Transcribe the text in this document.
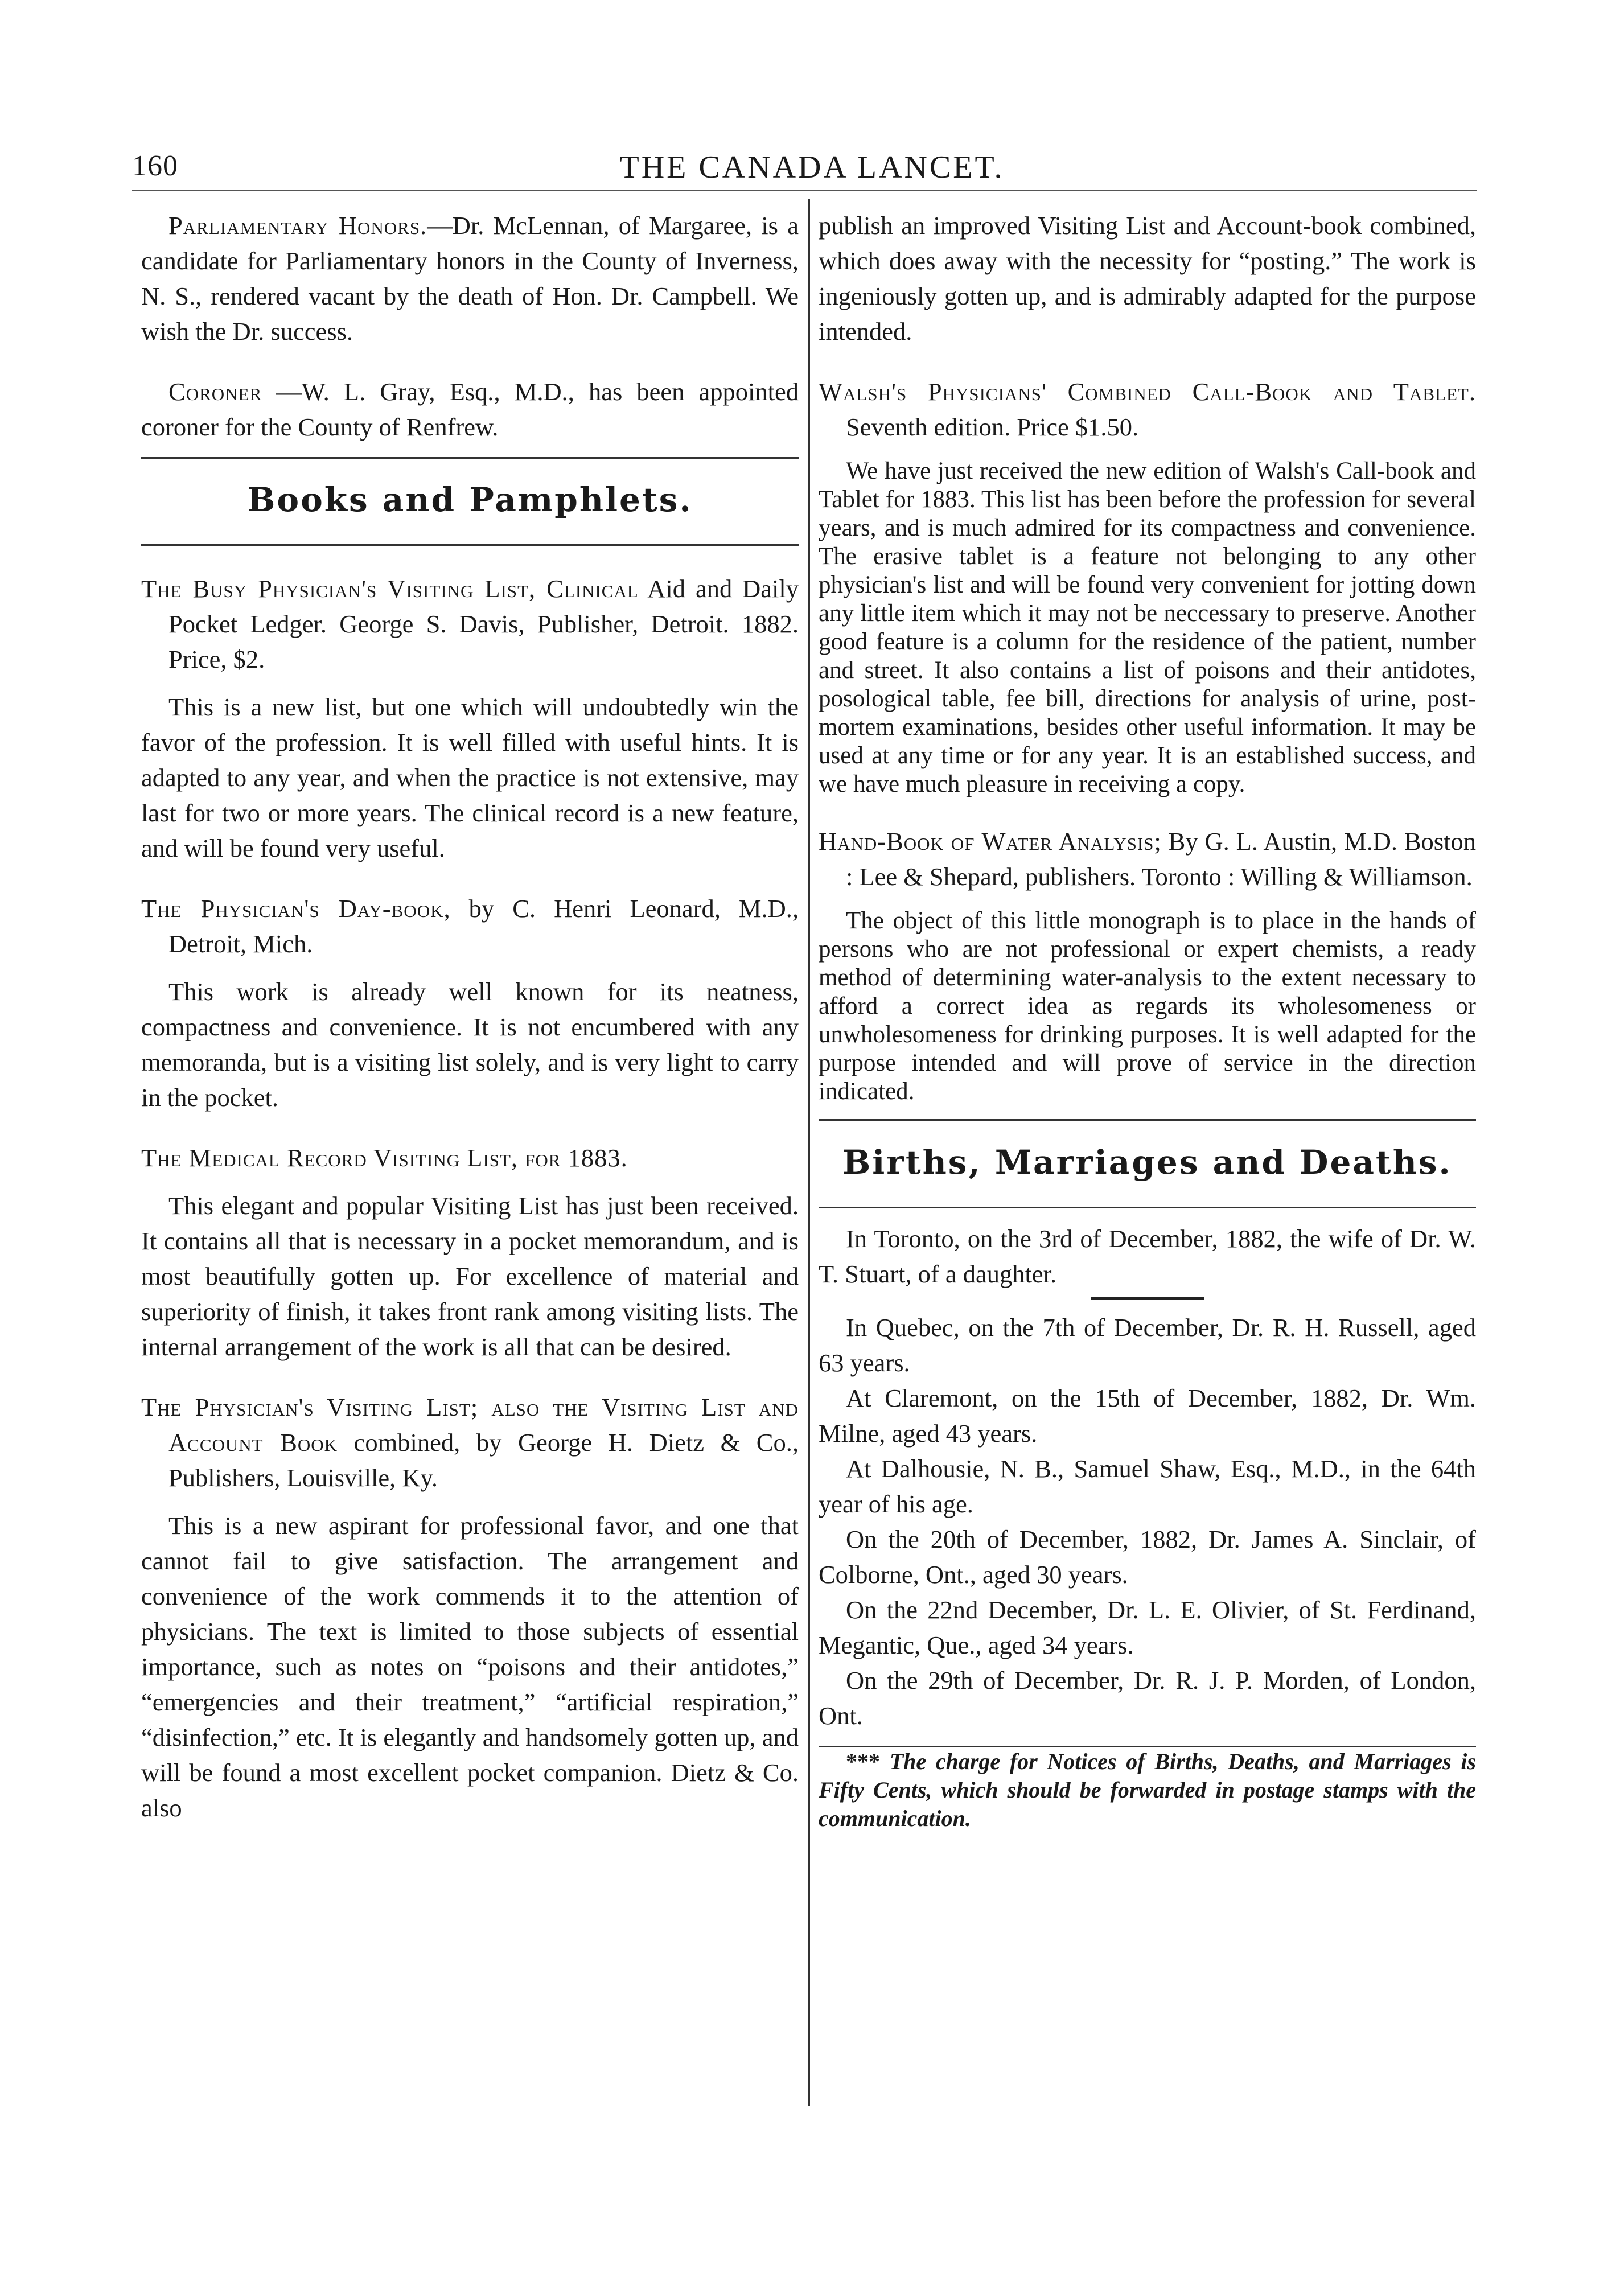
160	THE CANADA LANCET.

Parliamentary Honors.—Dr. McLennan, of Margaree, is a candidate for Parliamentary honors in the County of Inverness, N. S., rendered vacant by the death of Hon. Dr. Campbell. We wish the Dr. success.

Coroner —W. L. Gray, Esq., M.D., has been appointed coroner for the County of Renfrew.

Books and Pamphlets.

The Busy Physician's Visiting List, Clinical Aid and Daily Pocket Ledger. George S. Davis, Publisher, Detroit. 1882. Price, $2.

This is a new list, but one which will undoubtedly win the favor of the profession. It is well filled with useful hints. It is adapted to any year, and when the practice is not extensive, may last for two or more years. The clinical record is a new feature, and will be found very useful.

The Physician's Day-book, by C. Henri Leonard, M.D., Detroit, Mich.

This work is already well known for its neatness, compactness and convenience. It is not encumbered with any memoranda, but is a visiting list solely, and is very light to carry in the pocket.

The Medical Record Visiting List, for 1883.

This elegant and popular Visiting List has just been received. It contains all that is necessary in a pocket memorandum, and is most beautifully gotten up. For excellence of material and superiority of finish, it takes front rank among visiting lists. The internal arrangement of the work is all that can be desired.

The Physician's Visiting List; also the Visiting List and Account Book combined, by George H. Dietz & Co., Publishers, Louisville, Ky.

This is a new aspirant for professional favor, and one that cannot fail to give satisfaction. The arrangement and convenience of the work commends it to the attention of physicians. The text is limited to those subjects of essential importance, such as notes on “poisons and their antidotes,” “emergencies and their treatment,” “artificial respiration,” “disinfection,” etc. It is elegantly and handsomely gotten up, and will be found a most excellent pocket companion. Dietz & Co. also

publish an improved Visiting List and Account-book combined, which does away with the necessity for “posting.” The work is ingeniously gotten up, and is admirably adapted for the purpose intended.

Walsh's Physicians' Combined Call-Book and Tablet. Seventh edition. Price $1.50.

We have just received the new edition of Walsh's Call-book and Tablet for 1883. This list has been before the profession for several years, and is much admired for its compactness and convenience. The erasive tablet is a feature not belonging to any other physician's list and will be found very convenient for jotting down any little item which it may not be neccessary to preserve. Another good feature is a column for the residence of the patient, number and street. It also contains a list of poisons and their antidotes, posological table, fee bill, directions for analysis of urine, post-mortem examinations, besides other useful information. It may be used at any time or for any year. It is an established success, and we have much pleasure in receiving a copy.

Hand-Book of Water Analysis; By G. L. Austin, M.D. Boston : Lee & Shepard, publishers. Toronto : Willing & Williamson.

The object of this little monograph is to place in the hands of persons who are not professional or expert chemists, a ready method of determining water-analysis to the extent necessary to afford a correct idea as regards its wholesomeness or unwholesomeness for drinking purposes. It is well adapted for the purpose intended and will prove of service in the direction indicated.

Births, Marriages and Deaths.

In Toronto, on the 3rd of December, 1882, the wife of Dr. W. T. Stuart, of a daughter.

In Quebec, on the 7th of December, Dr. R. H. Russell, aged 63 years.

At Claremont, on the 15th of December, 1882, Dr. Wm. Milne, aged 43 years.

At Dalhousie, N. B., Samuel Shaw, Esq., M.D., in the 64th year of his age.

On the 20th of December, 1882, Dr. James A. Sinclair, of Colborne, Ont., aged 30 years.

On the 22nd December, Dr. L. E. Olivier, of St. Ferdinand, Megantic, Que., aged 34 years.

On the 29th of December, Dr. R. J. P. Morden, of London, Ont.

*** The charge for Notices of Births, Deaths, and Marriages is Fifty Cents, which should be forwarded in postage stamps with the communication.
